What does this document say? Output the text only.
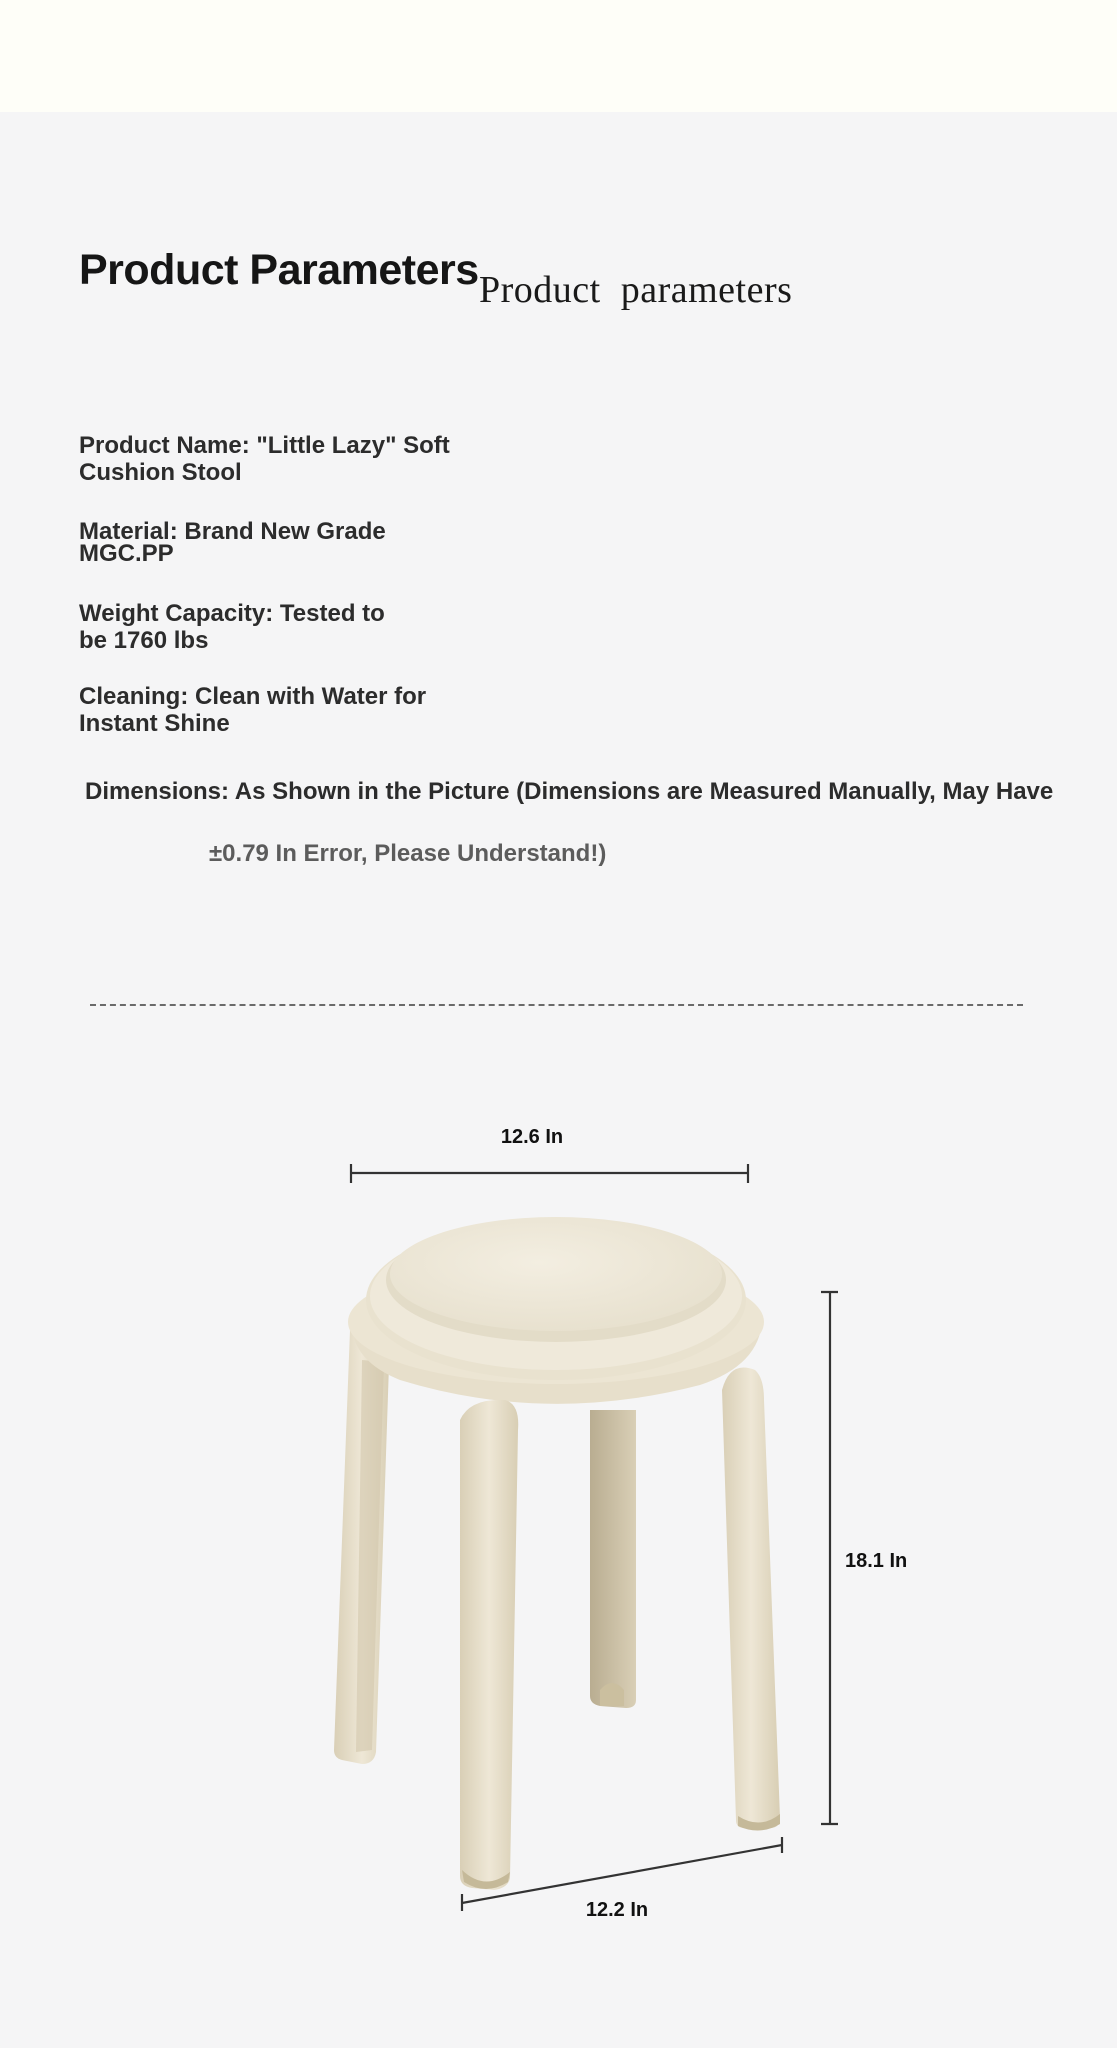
Product Parameters Product parameters
Product Name: "Little Lazy" Soft Cushion Stool
Material: Brand New Grade MGC.PP
Weight Capacity: Tested to be 1760 lbs
Cleaning: Clean with Water for Instant Shine
Dimensions: As Shown in the Picture (Dimensions are Measured Manually, May Have
±0.79 In Error, Please Understand!)
12.6 In
18.1 In
12.2 In
